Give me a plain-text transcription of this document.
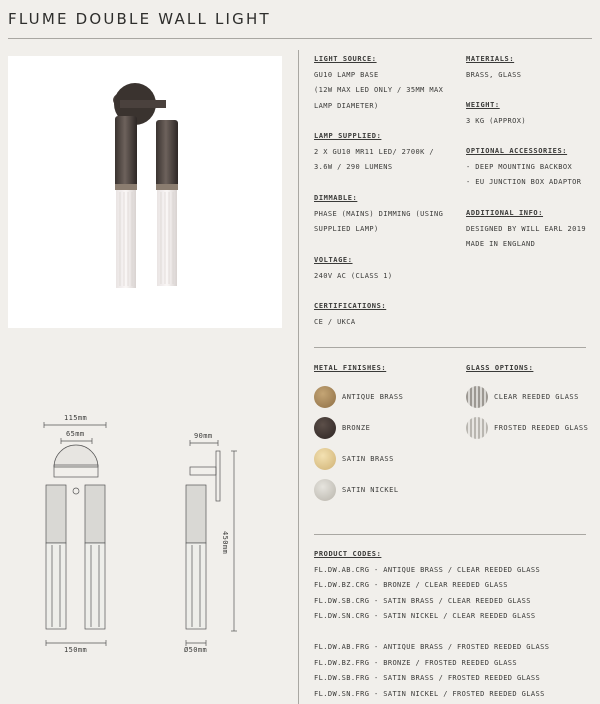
FLUME DOUBLE WALL LIGHT
115mm
65mm
150mm
90mm
450mm
Ø50mm
LIGHT SOURCE:
GU10 LAMP BASE
(12W MAX LED ONLY / 35MM MAX
LAMP DIAMETER)
LAMP SUPPLIED:
2 X GU10 MR11 LED/ 2700K /
3.6W / 290 LUMENS
DIMMABLE:
PHASE (MAINS) DIMMING (USING
SUPPLIED LAMP)
VOLTAGE:
240V AC (CLASS 1)
CERTIFICATIONS:
CE / UKCA
MATERIALS:
BRASS, GLASS
WEIGHT:
3 KG (APPROX)
OPTIONAL ACCESSORIES:
- DEEP MOUNTING BACKBOX
- EU JUNCTION BOX ADAPTOR
ADDITIONAL INFO:
DESIGNED BY WILL EARL 2019
MADE IN ENGLAND
METAL FINISHES:
ANTIQUE BRASS
BRONZE
SATIN BRASS
SATIN NICKEL
GLASS OPTIONS:
CLEAR REEDED GLASS
FROSTED REEDED GLASS
PRODUCT CODES:
FL.DW.AB.CRG - ANTIQUE BRASS / CLEAR REEDED GLASS
FL.DW.BZ.CRG - BRONZE / CLEAR REEDED GLASS
FL.DW.SB.CRG - SATIN BRASS / CLEAR REEDED GLASS
FL.DW.SN.CRG - SATIN NICKEL / CLEAR REEDED GLASS
FL.DW.AB.FRG - ANTIQUE BRASS / FROSTED REEDED GLASS
FL.DW.BZ.FRG - BRONZE / FROSTED REEDED GLASS
FL.DW.SB.FRG - SATIN BRASS / FROSTED REEDED GLASS
FL.DW.SN.FRG - SATIN NICKEL / FROSTED REEDED GLASS
